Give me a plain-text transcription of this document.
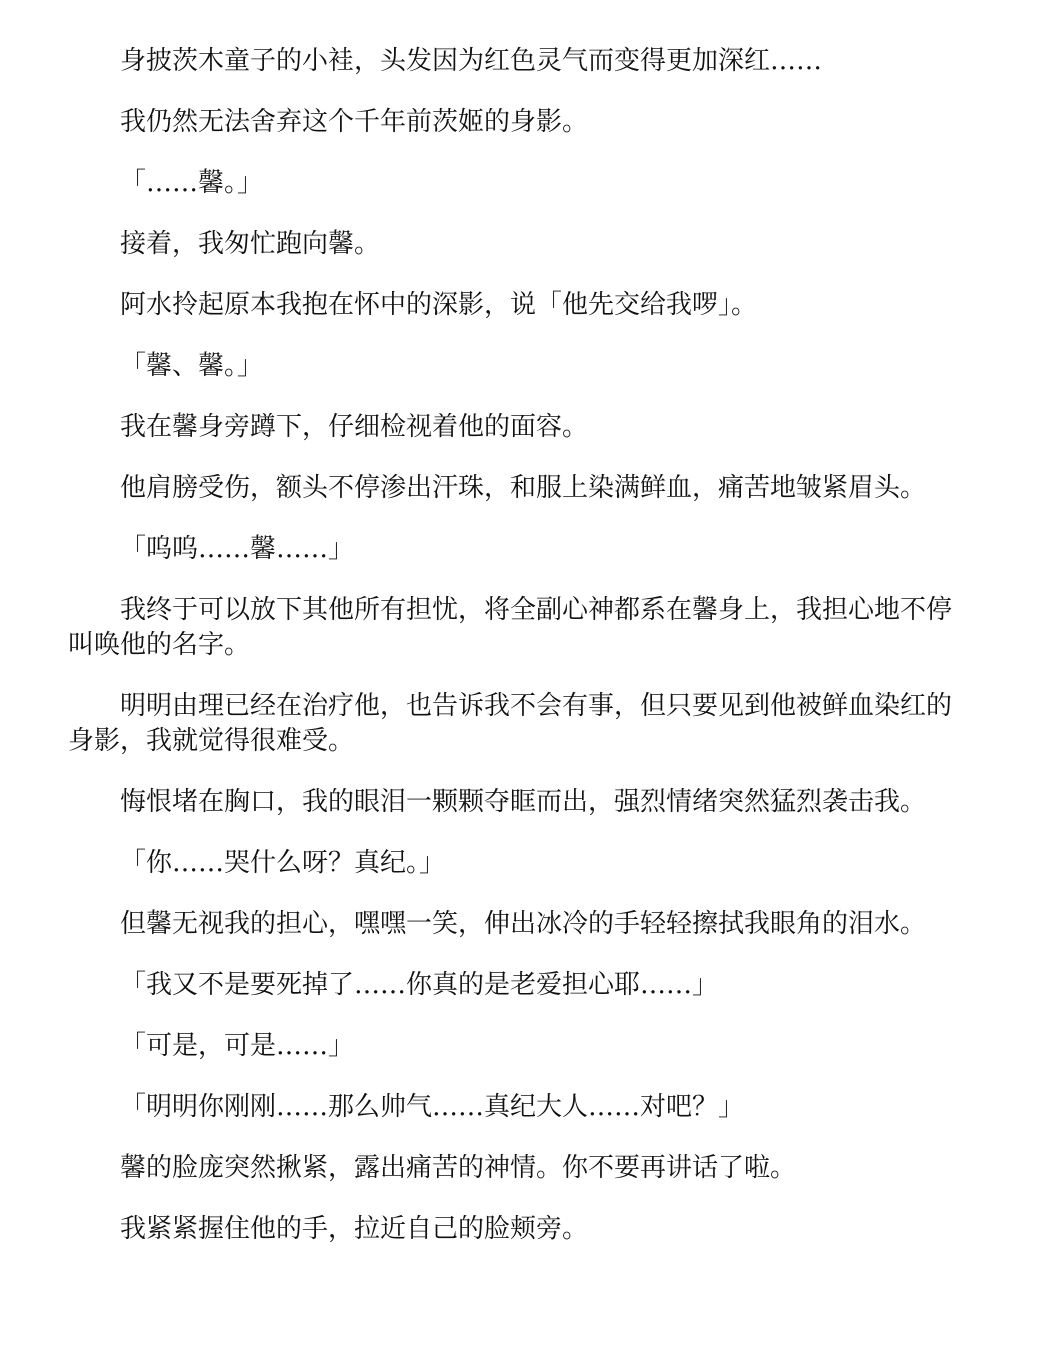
身披茨木童子的小袿，头发因为红色灵气而变得更加深红……

我仍然无法舍弃这个千年前茨姬的身影。

「……馨。」

接着，我匆忙跑向馨。

阿水拎起原本我抱在怀中的深影，说「他先交给我啰」。

「馨、馨。」

我在馨身旁蹲下，仔细检视着他的面容。

他肩膀受伤，额头不停渗出汗珠，和服上染满鲜血，痛苦地皱紧眉头。

「呜呜……馨……」

我终于可以放下其他所有担忧，将全副心神都系在馨身上，我担心地不停叫唤他的名字。

明明由理已经在治疗他，也告诉我不会有事，但只要见到他被鲜血染红的身影，我就觉得很难受。

悔恨堵在胸口，我的眼泪一颗颗夺眶而出，强烈情绪突然猛烈袭击我。

「你……哭什么呀？真纪。」

但馨无视我的担心，嘿嘿一笑，伸出冰冷的手轻轻擦拭我眼角的泪水。

「我又不是要死掉了……你真的是老爱担心耶……」

「可是，可是……」

「明明你刚刚……那么帅气……真纪大人……对吧？」

馨的脸庞突然揪紧，露出痛苦的神情。你不要再讲话了啦。

我紧紧握住他的手，拉近自己的脸颊旁。
